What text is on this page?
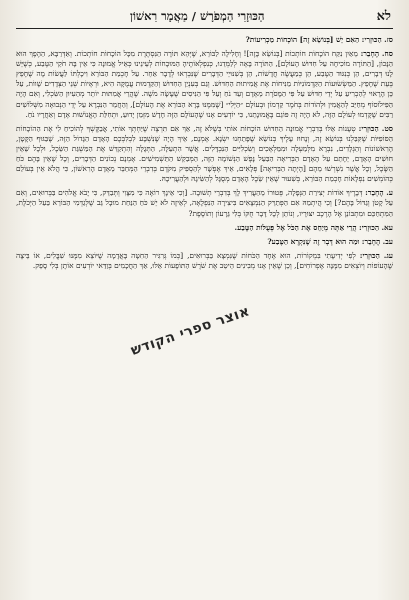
לא
הַכּוּזָרִי הַמְפֹרָשׁ / מַאֲמָר רִאשׁוֹן

סז. הַכּוּזָרִי: הַאִם יֵשׁ [בְּנוֹשֵׂא זֶה] הוֹכָחוֹת מַכְרִיעוֹת?

סח. הֶחָבֵר: מֵאַיִן נִקַּח הוֹכָחוֹת חוֹתְכוֹת [בְּנוֹשֵׂא כָּזֶה]! וְחָלִילָה לַבּוֹרֵא, שֶׁיְּהֵא תּוֹרָה הַנִּסְתֶּרֶת מִכָּל הוֹכָחוֹת חוֹתְכוֹת. וְאַדְּרַבָּא, הַהֶפֶךְ הוּא הַנָּכוֹן, [הַתּוֹרָה מוֹכִיחָה עַל חִדּוּשׁ הָעוֹלָם], הַתּוֹרָה בָּאָה לְלַמְּדֵנוּ, כְּנִפְלְאוֹתֶיהָ הַמּוּכָחוֹת לְעֵינֵינוּ כְּאֵיל אֱמוּנָה כִּי אֵין בָּהּ חֹקֵי הַטֶּבַע, כְּשֶׁיֵּשׁ לָנוּ דְּבָרִים, הֵן כְּנִגּוּד הַטֶּבַע, הֵן כְּמַעֲשֶׂה חֲדָשׁוֹת, הֵן בְּשִׁנּוּיֵי הַדְּבָרִים שֶׁנִּבְרְאוּ לְדָבָר אַחֵר. עַל חָכְמַת הַבּוֹרֵא וִיכָלְתּוֹ לַעֲשׂוֹת מָה שֶׁחָפֵץ בְּעֵת שֶׁחָפֵץ. הַמַּשְׂשׂוּעוֹת הַקַּדְמוֹנִיּוֹת מַנִּיחוֹת אֶת אֲמִיתוּת הַחִדּוּשׁ. וְגַם בְּעִנְיַן הַחִדּוּשׁ וְהַקַּדְמוּת עֲמֻקָּה הִיא, וּרְאָיוֹת שְׁנֵי הַצְּדָדִים שָׁווֹת, עַל כֵּן הָרָאוּי לְהַכְרִיעַ עַל יְדֵי חִדּוּשׁ עַל פִּי הַמָּסֹרֶת מֵאָדָם וְעַד נֹחַ וְעַל פִּי הַנִּיסִים שֶׁעָשָׂה מֹשֶׁה. שֶׁהֲרֵי אֲמִתּוּת יוֹתֵר מְהַעִיוּן הַשִּׂכְלִי, וְאִם הָיָה הַפִּילוֹסוֹף מְחַיֵּב לְהַאֲמִין וּלְהוֹדוֹת בְּחֹמֶר קַדְמוֹן וּבְעוֹלָם ״הַיְּלִי״ [שֶׁמִּמֶּנּוּ בָּרָא הַבּוֹרֵא אֶת הָעוֹלָם], וְהַחֲמֵר הַנִּבְרָא עַל יְדֵי הַנְּבוּאָה מִשְּׁלוֹשִׁים רַבִּים שֶׁקָּדְמוּ לְעוֹלָם הַזֶּה, לֹא הָיָה זֶה פּוֹגֵם בֶּאֱמוּנָתֵנוּ, כִּי יוֹדְעִים אָנוּ שֶׁהָעוֹלָם הַזֶּה חָדָשׁ מִזְּמַן יָדוּעַ, וּתְחִלַּת הָאֱנוֹשׁוּת אָדָם וְאַחֲרָיו נֹחַ.

סט. הַכּוּזָרִי: טְעָנוֹת אֵלּוּ בְּדִבְרֵי אֱמוּנָה הַחִדּוּשׁ הוֹכָחוֹת אוֹתִי בְּשֶׁלֹּא זֶה, אַךְ אִם תִּרְצֶה שֶׁיַּחְתְּךְ אוֹתִי, אֲבַקֶּשְׁךָ לְהוֹכִיחַ לִי אֶת הַהוֹכָחוֹת הַסּוֹפִיּוֹת שֶׁקִּבַּלְנוּ בְּנוֹשֵׂא זֶה, וְנָחוּז עָלֶיךָ בְּנוֹשֵׂא שֶׁפָּתַחְנוּ יִשְׂנָא. אָמְנָם, אֵיךְ הָיָה שֶׁנִּשְׁבָּע לִבְלִבְּכֶם הָאָדָם הַגָּדוֹל הַזֶּה, שֶׁבַּגּוּף הַקָּטָן, הָרִאשׁוֹנוֹת וְהַגְּלָדִים, נִבְרָא מִלְּמַעְלָה וּמִמַּלְאָכִים וְשִׂכְלִיִּים הַנִּבְדָּלִים. אֲשֶׁר הִתְעַלָּה, הַתְּגָלָּה וְהִתְקַדֵּשׁ אֶת הַמַּשְׁגַּת הַשֵּׂכֶל, וּלְכָל שֵׁאֵין חוּשִׁים הָאָדָם, יֵחָתֵם עַל הָאָדָם הַבְּרִיאָה הַבַּעַל נָּפֶשׁ הַנְּשׁוֹמָה הַזֶּה, הַמְּבַקֵּשׁ הַתַּשְׁמִישִׁים. אָמְנָם נְכוֹנִים הַדְּבָרִים, וְכָל שֶׁאֵין בָּהֶם כֹּחַ הַשֶּׂכֶל, וְכָל אֲשֶׁר נִשְׁרְשׁוּ מֵהֶם [הָיְתָה הַבְּרִיאָה] פְּלָאִים, אֵיךְ אֶפְשָׁר לְהַסְפִּיק מִקֹּדֶם בְּדִבְרֵי הַמְּחַבֵּר מֵאָדָם הָרִאשׁוֹן, כִּי הֲלֹא אֵין בְּעוֹלַם כְּהוֹמְשִׁים נִפְלָאוֹת חָכְמַת הַבּוֹרֵא, בְּשִׁעוּר שֶׁאֵין שֵׂכֶל הָאָדָם מְסֻגָּל לְהַשִּׂיגָהּ וּלְהַעֲרִיכָהּ.

ע. הֶחָבֵר: דְּבָרֶיךָ אוֹדוֹת יְצִירַת הַנְּפָלָה, פְּטוּרוֹ מֵהַעֲרִיךְ לָךְ בְּדִבְרֵי תְשׁוּבָה. [וְכִי אֵינָךְ רוֹאֶה כִּי מִצָּוִי וְתְּבַדֵּק, כִּי יָבֹא אֱלֹהִים בַּבְּרוּאִים, וְאִם עַל קָטֹן וְגַדּוֹל בָּהֶם?] וְכִי הֲיִתְמַהּ אִם הַפְּתַרֵּק הַנִּמְצָאִים בִּיצִירָה הַנִּפְלָאָה, לְאֵיזֶה לֹא יֵשׁ כֹּחַ הַנַּחַת מוּבָל גֵּב שֶׁלְּגַדְּמִי הַבּוֹרֵא בַּעַל הַיְּכֹלֶת, הַמִּתְחַכֵּם וּמִתְבּוֹנֵן אֶל הָרֶכֶב יִצּוּרָיו, וְנוֹתֵן לְכָל דָּבָר חֻקּוֹ בְּלִי גֵּרָעוֹן וְתוֹסֶפֶת?

עא. הַכּוּזָרִי: הֲרֵי אַתָּה מְיַחֵס אֶת הַכֹּל אֶל פְּעֻלּוֹת הַטֶּבַע.

עב. הֶחָבֵר: וּמַה הוּא דָּבָר זֶה שֶׁנִּקְרָא הַטֶּבַע?

עג. הַכּוּזָרִי: לְפִי יְדִיעָתִי בִּמְקוֹרוֹת, הוּא אֶחָד הַכֹּחוֹת שֶׁנִּמְצָא בַּבְּרוּאִים, [כְּמוֹ גְּרִגִּיר הַחִטָּה בָּאֲדָמָה שֶׁיּוֹצֵא מִמֶּנּוּ שִׁבֳּלִים, אוֹ בֵּיצָה שֶׁהָעוֹפוֹת וְיוֹצְאִים מִמֶּנָּה אֶפְרוֹחִים], וְכֵן שֶׁאֵין אָנוּ מְבִינִים הֵיטֵב אֶת שֹׁרֶשׁ הַתּוֹפָעוֹת אֵלּוּ, אַךְ הַחֲכָמִים בְּוַדַּאי יוֹדְעִים אוֹתָן בְּלִי סָפֵק.

אוצר ספרי הקודש
